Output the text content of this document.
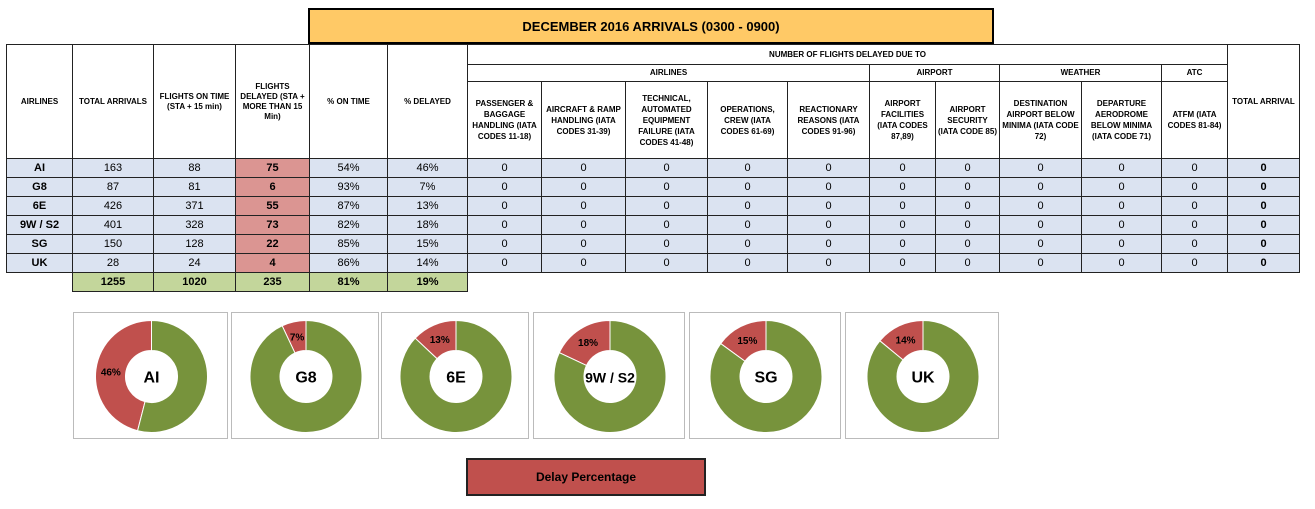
DECEMBER 2016 ARRIVALS (0300 - 0900)
AIRLINES	TOTAL ARRIVALS	FLIGHTS ON TIME (STA + 15 min)	FLIGHTS DELAYED (STA + MORE THAN 15 Min)	% ON TIME	% DELAYED	NUMBER OF FLIGHTS DELAYED DUE TO										TOTAL ARRIVAL
						AIRLINES					AIRPORT		WEATHER		ATC	
						PASSENGER & BAGGAGE HANDLING (IATA CODES 11-18)	AIRCRAFT & RAMP HANDLING (IATA CODES 31-39)	TECHNICAL, AUTOMATED EQUIPMENT FAILURE (IATA CODES 41-48)	OPERATIONS, CREW (IATA CODES 61-69)	REACTIONARY REASONS (IATA CODES 91-96)	AIRPORT FACILITIES (IATA CODES 87,89)	AIRPORT SECURITY (IATA CODE 85)	DESTINATION AIRPORT BELOW MINIMA (IATA CODE 72)	DEPARTURE AERODROME BELOW MINIMA (IATA CODE 71)	ATFM (IATA CODES 81-84)	
AI	163	88	75	54%	46%	0	0	0	0	0	0	0	0	0	0	0
G8	87	81	6	93%	7%	0	0	0	0	0	0	0	0	0	0	0
6E	426	371	55	87%	13%	0	0	0	0	0	0	0	0	0	0	0
9W / S2	401	328	73	82%	18%	0	0	0	0	0	0	0	0	0	0	0
SG	150	128	22	85%	15%	0	0	0	0	0	0	0	0	0	0	0
UK	28	24	4	86%	14%	0	0	0	0	0	0	0	0	0	0	0
	1255	1020	235	81%	19%											
46% AI
7%
G8
13%
6E
18%
9W / S2
15%
SG
14%
UK
Delay Percentage
